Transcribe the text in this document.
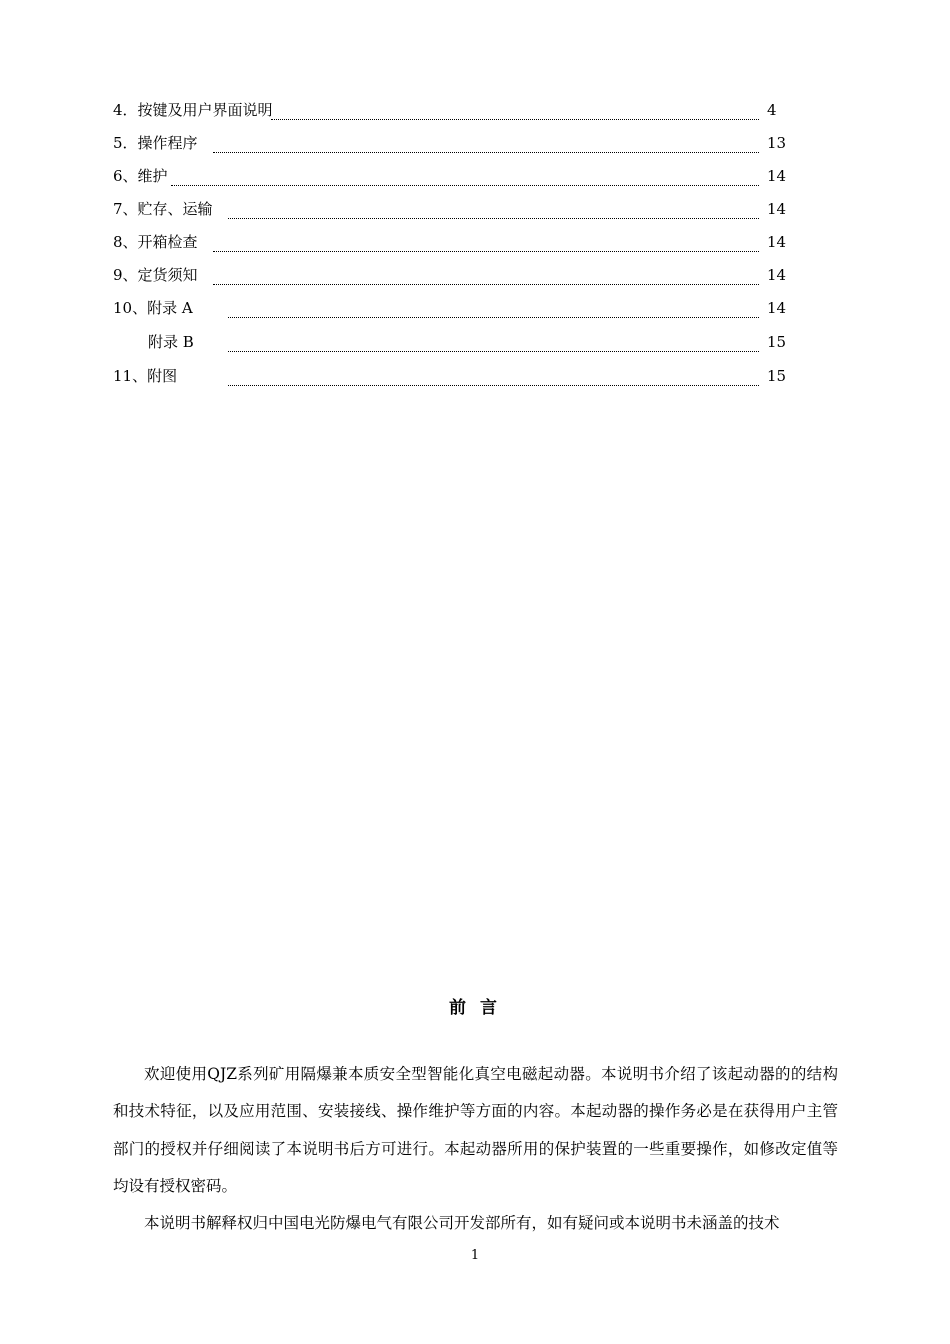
4．按键及用户界面说明	4
5．操作程序	13
6、维护	14
7、贮存、运输	14
8、开箱检查	14
9、定货须知	14
10、附录 A	14
附录 B	15
11、附图	15
前 言

欢迎使用QJZ系列矿用隔爆兼本质安全型智能化真空电磁起动器。本说明书介绍了该起动器的的结构和技术特征，以及应用范围、安装接线、操作维护等方面的内容。本起动器的操作务必是在获得用户主管部门的授权并仔细阅读了本说明书后方可进行。本起动器所用的保护装置的一些重要操作，如修改定值等均设有授权密码。

本说明书解释权归中国电光防爆电气有限公司开发部所有，如有疑问或本说明书未涵盖的技术

1
